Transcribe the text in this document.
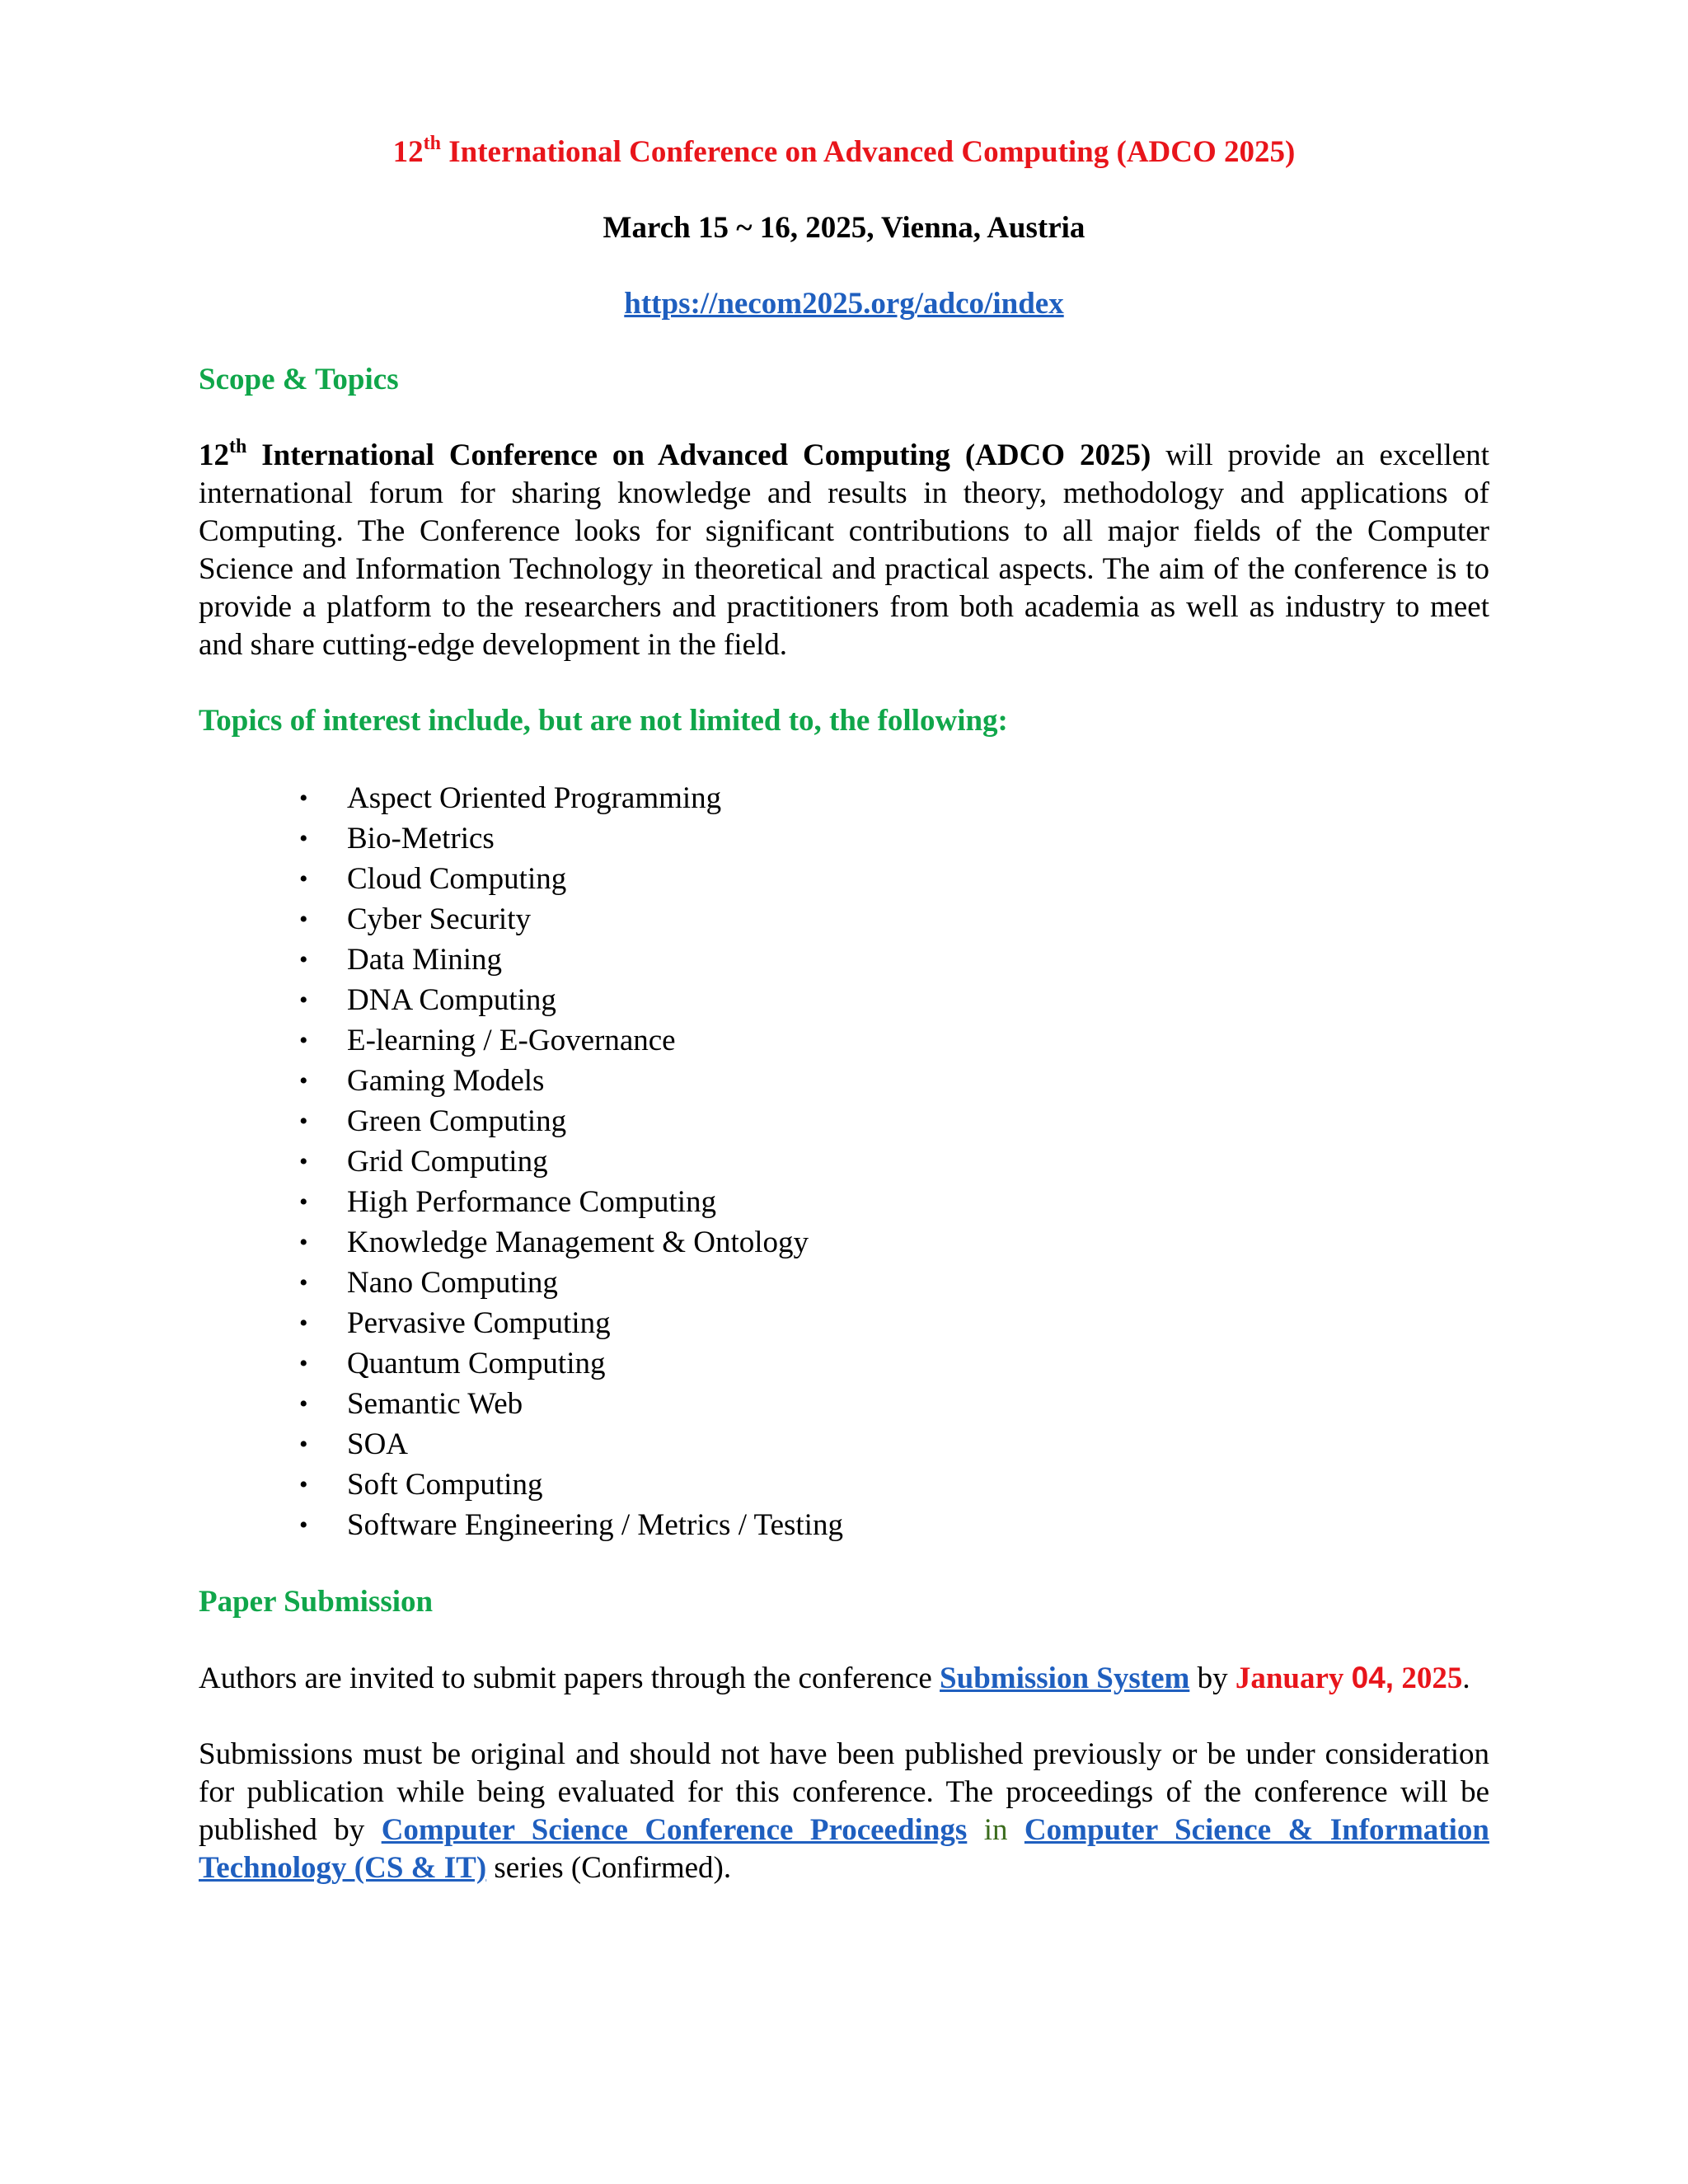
12th International Conference on Advanced Computing (ADCO 2025)

March 15 ~ 16, 2025, Vienna, Austria

https://necom2025.org/adco/index

Scope & Topics

12th International Conference on Advanced Computing (ADCO 2025) will provide an excellent international forum for sharing knowledge and results in theory, methodology and applications of Computing. The Conference looks for significant contributions to all major fields of the Computer Science and Information Technology in theoretical and practical aspects. The aim of the conference is to provide a platform to the researchers and practitioners from both academia as well as industry to meet and share cutting-edge development in the field.

Topics of interest include, but are not limited to, the following:

• Aspect Oriented Programming
• Bio-Metrics
• Cloud Computing
• Cyber Security
• Data Mining
• DNA Computing
• E-learning / E-Governance
• Gaming Models
• Green Computing
• Grid Computing
• High Performance Computing
• Knowledge Management & Ontology
• Nano Computing
• Pervasive Computing
• Quantum Computing
• Semantic Web
• SOA
• Soft Computing
• Software Engineering / Metrics / Testing

Paper Submission

Authors are invited to submit papers through the conference Submission System by January 04, 2025.

Submissions must be original and should not have been published previously or be under consideration for publication while being evaluated for this conference. The proceedings of the conference will be published by Computer Science Conference Proceedings in Computer Science & Information Technology (CS & IT) series (Confirmed).
